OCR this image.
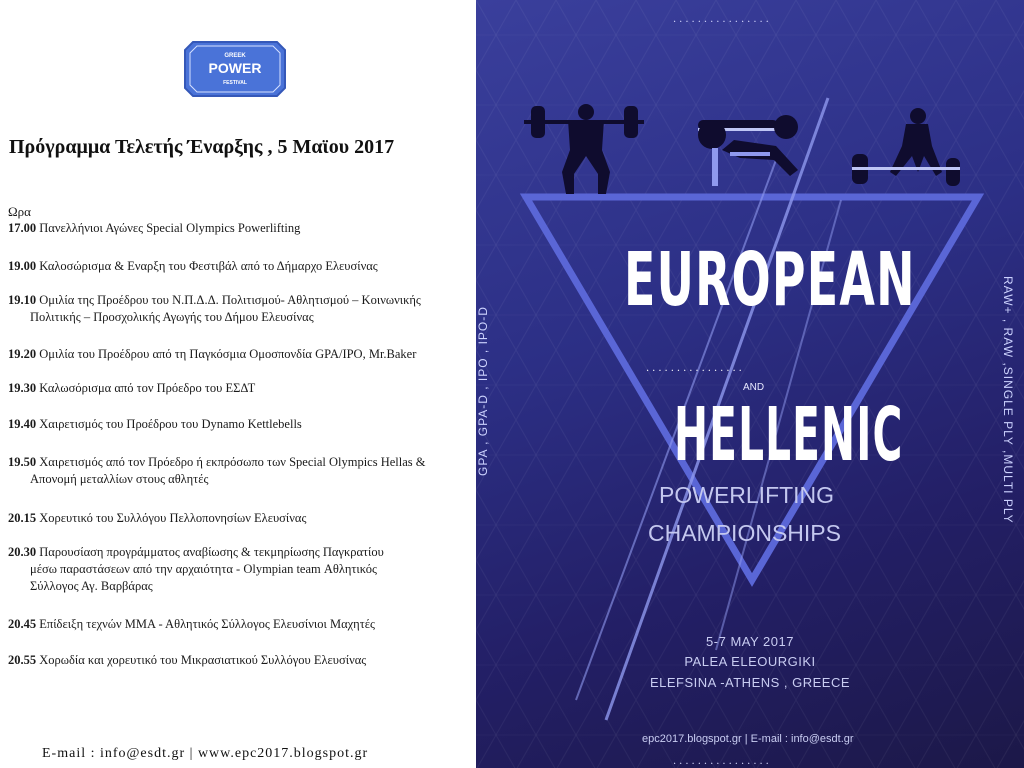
GREEK
POWER
FESTIVAL
Πρόγραμμα Τελετής Έναρξης , 5 Μαϊου 2017
Ωρα
17.00 Πανελλήνιοι Αγώνες Special Olympics Powerlifting
19.00 Καλοσώρισμα & Εναρξη του Φεστιβάλ από το Δήμαρχο Ελευσίνας
19.10 Ομιλία της Προέδρου του Ν.Π.Δ.Δ. Πολιτισμού- Αθλητισμού – Κοινωνικής
Πολιτικής – Προσχολικής Αγωγής του Δήμου Ελευσίνας
19.20 Ομιλία του Προέδρου από τη Παγκόσμια Ομοσπονδία GPA/IPO, Mr.Baker
19.30 Καλωσόρισμα από τον Πρόεδρο του ΕΣΔΤ
19.40 Χαιρετισμός του Προέδρου του Dynamo Kettlebells
19.50 Χαιρετισμός από τον Πρόεδρο ή εκπρόσωπο των Special Olympics Hellas &
Απονομή μεταλλίων στους αθλητές
20.15 Χορευτικό του Συλλόγου Πελλοπονησίων Ελευσίνας
20.30 Παρουσίαση προγράμματος αναβίωσης & τεκμηρίωσης Παγκρατίου
μέσω παραστάσεων από την αρχαιότητα - Olympian team Αθλητικός
Σύλλογος Αγ. Βαρβάρας
20.45 Επίδειξη τεχνών ΜΜΑ - Αθλητικός Σύλλογος Ελευσίνιοι Μαχητές
20.55 Χορωδία και χορευτικό του Μικρασιατικού Συλλόγου Ελευσίνας
E-mail : info@esdt.gr | www.epc2017.blogspot.gr
................
GPA , GPA-D , IPO , IPO-D	RAW+ , RAW ,SINGLE PLY ,MULTI PLY
EUROPEAN
................
AND
HELLENIC
POWERLIFTING
CHAMPIONSHIPS
5-7 MAY 2017
PALEA ELEOURGIKI
ELEFSINA -ATHENS , GREECE
epc2017.blogspot.gr | E-mail : info@esdt.gr
................
